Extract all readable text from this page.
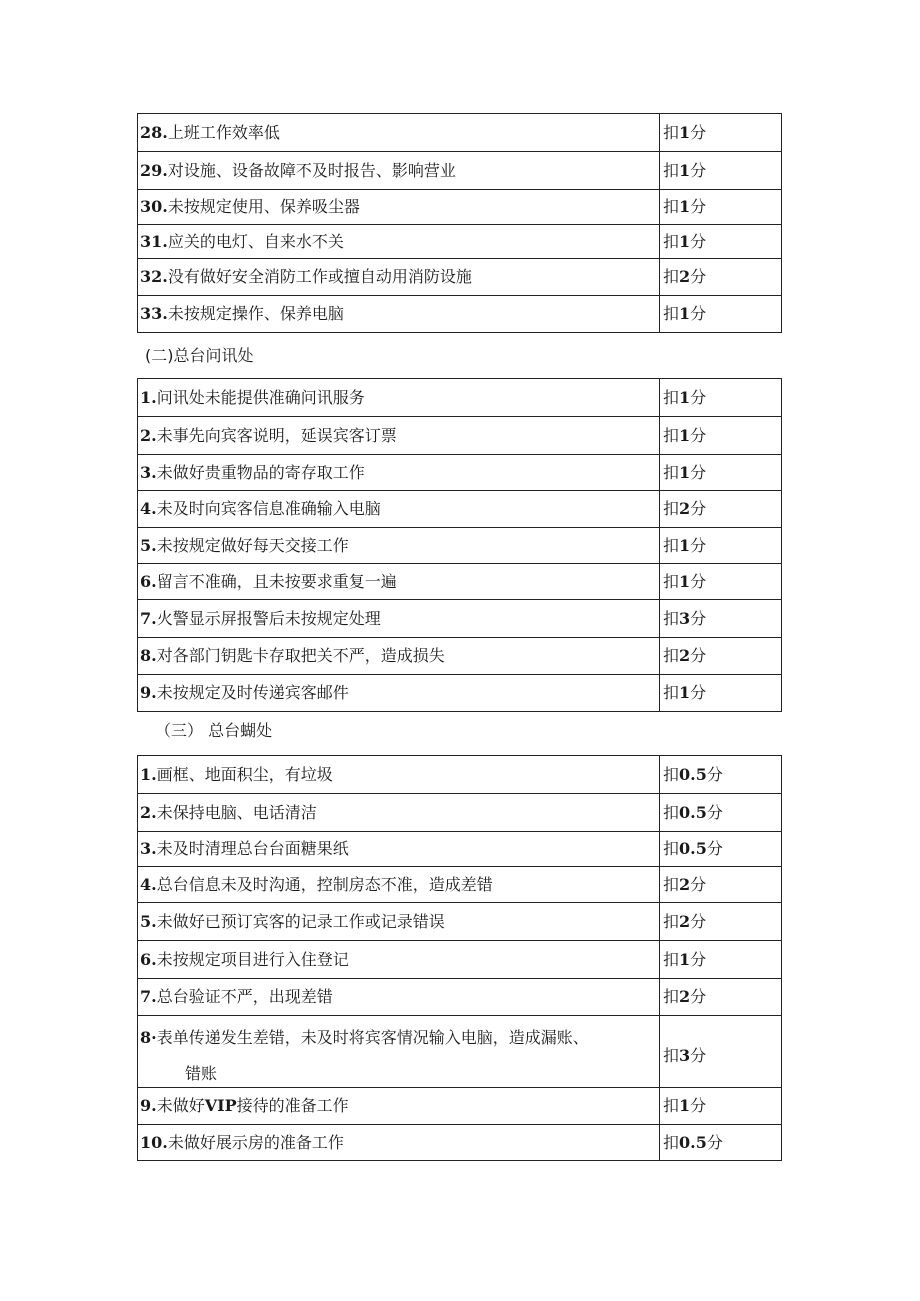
28.上班工作效率低	扣1分
29.对设施、设备故障不及时报告、影响营业	扣1分
30.未按规定使用、保养吸尘器	扣1分
31.应关的电灯、自来水不关	扣1分
32.没有做好安全消防工作或擅自动用消防设施	扣2分
33.未按规定操作、保养电脑	扣1分
(二)总台问讯处
1.问讯处未能提供准确问讯服务	扣1分
2.未事先向宾客说明，延误宾客订票	扣1分
3.未做好贵重物品的寄存取工作	扣1分
4.未及时向宾客信息准确输入电脑	扣2分
5.未按规定做好每天交接工作	扣1分
6.留言不准确，且未按要求重复一遍	扣1分
7.火警显示屏报警后未按规定处理	扣3分
8.对各部门钥匙卡存取把关不严，造成损失	扣2分
9.未按规定及时传递宾客邮件	扣1分
（三） 总台蝴处
1.画框、地面积尘，有垃圾	扣0.5分
2.未保持电脑、电话清洁	扣0.5分
3.未及时清理总台台面糖果纸	扣0.5分
4.总台信息未及时沟通，控制房态不准，造成差错	扣2分
5.未做好已预订宾客的记录工作或记录错误	扣2分
6.未按规定项目进行入住登记	扣1分
7.总台验证不严，出现差错	扣2分
8·表单传递发生差错，未及时将宾客情况输入电脑，造成漏账、
错账	扣3分
9.未做好VIP接待的准备工作	扣1分
10.未做好展示房的准备工作	扣0.5分
